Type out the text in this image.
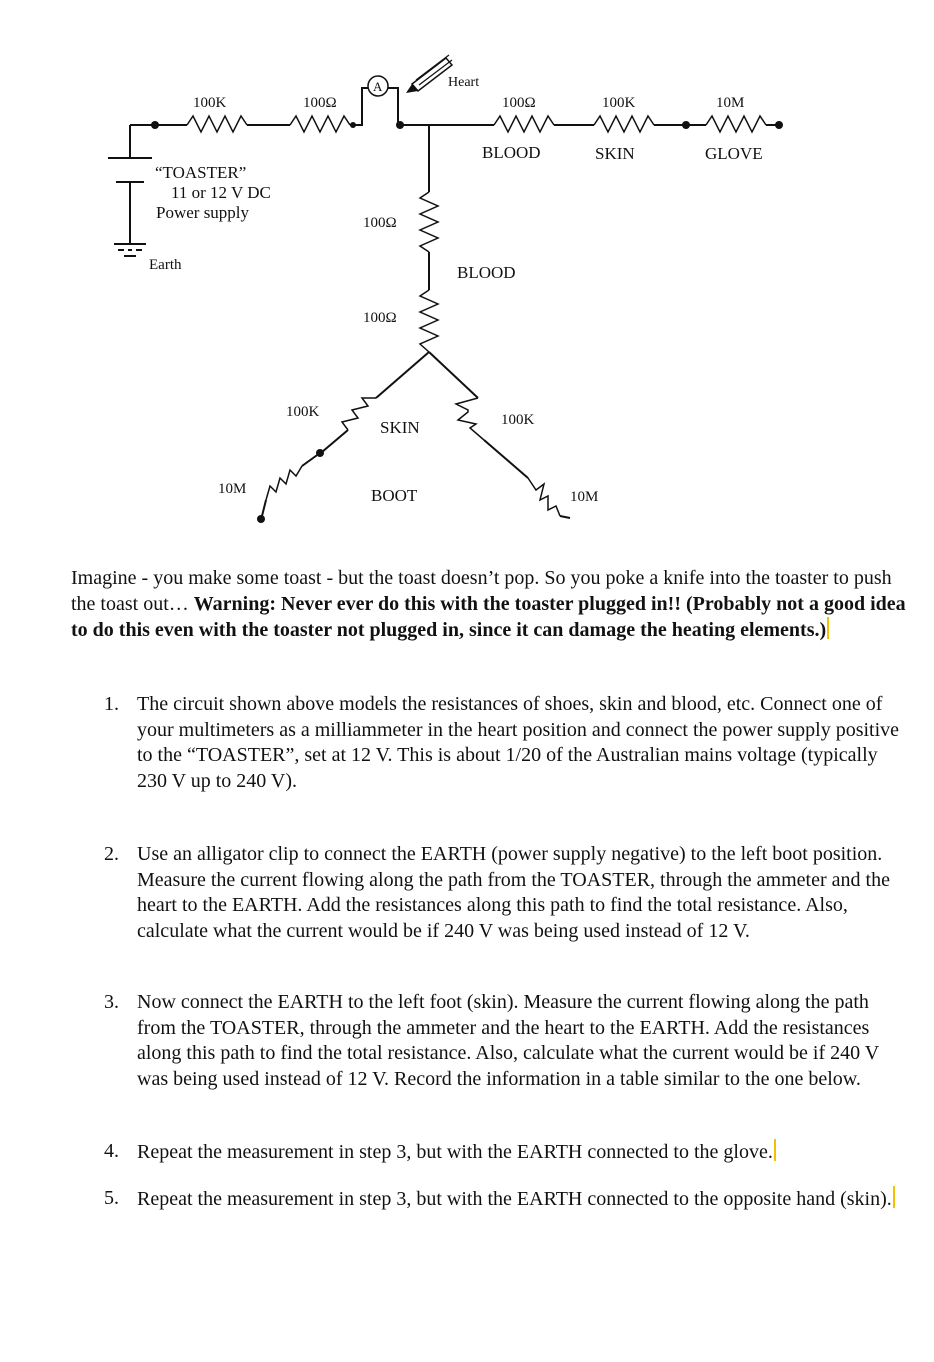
100K	100Ω
A	Heart
100Ω	100K	10M
BLOOD	SKIN	GLOVE
“TOASTER”
11 or 12 V DC
Power supply
Earth
100Ω
BLOOD
100Ω
100K
SKIN	100K
10M	BOOT	10M

Imagine - you make some toast - but the toast doesn’t pop. So you poke a knife into the toaster to push the toast out… Warning: Never ever do this with the toaster plugged in!! (Probably not a good idea to do this even with the toaster not plugged in, since it can damage the heating elements.)

1. The circuit shown above models the resistances of shoes, skin and blood, etc. Connect one of your multimeters as a milliammeter in the heart position and connect the power supply positive to the “TOASTER”, set at 12 V. This is about 1/20 of the Australian mains voltage (typically 230 V up to 240 V).
2. Use an alligator clip to connect the EARTH (power supply negative) to the left boot position. Measure the current flowing along the path from the TOASTER, through the ammeter and the heart to the EARTH. Add the resistances along this path to find the total resistance. Also, calculate what the current would be if 240 V was being used instead of 12 V.
3. Now connect the EARTH to the left foot (skin). Measure the current flowing along the path from the TOASTER, through the ammeter and the heart to the EARTH. Add the resistances along this path to find the total resistance. Also, calculate what the current would be if 240 V was being used instead of 12 V. Record the information in a table similar to the one below.
4. Repeat the measurement in step 3, but with the EARTH connected to the glove.
5. Repeat the measurement in step 3, but with the EARTH connected to the opposite hand (skin).
